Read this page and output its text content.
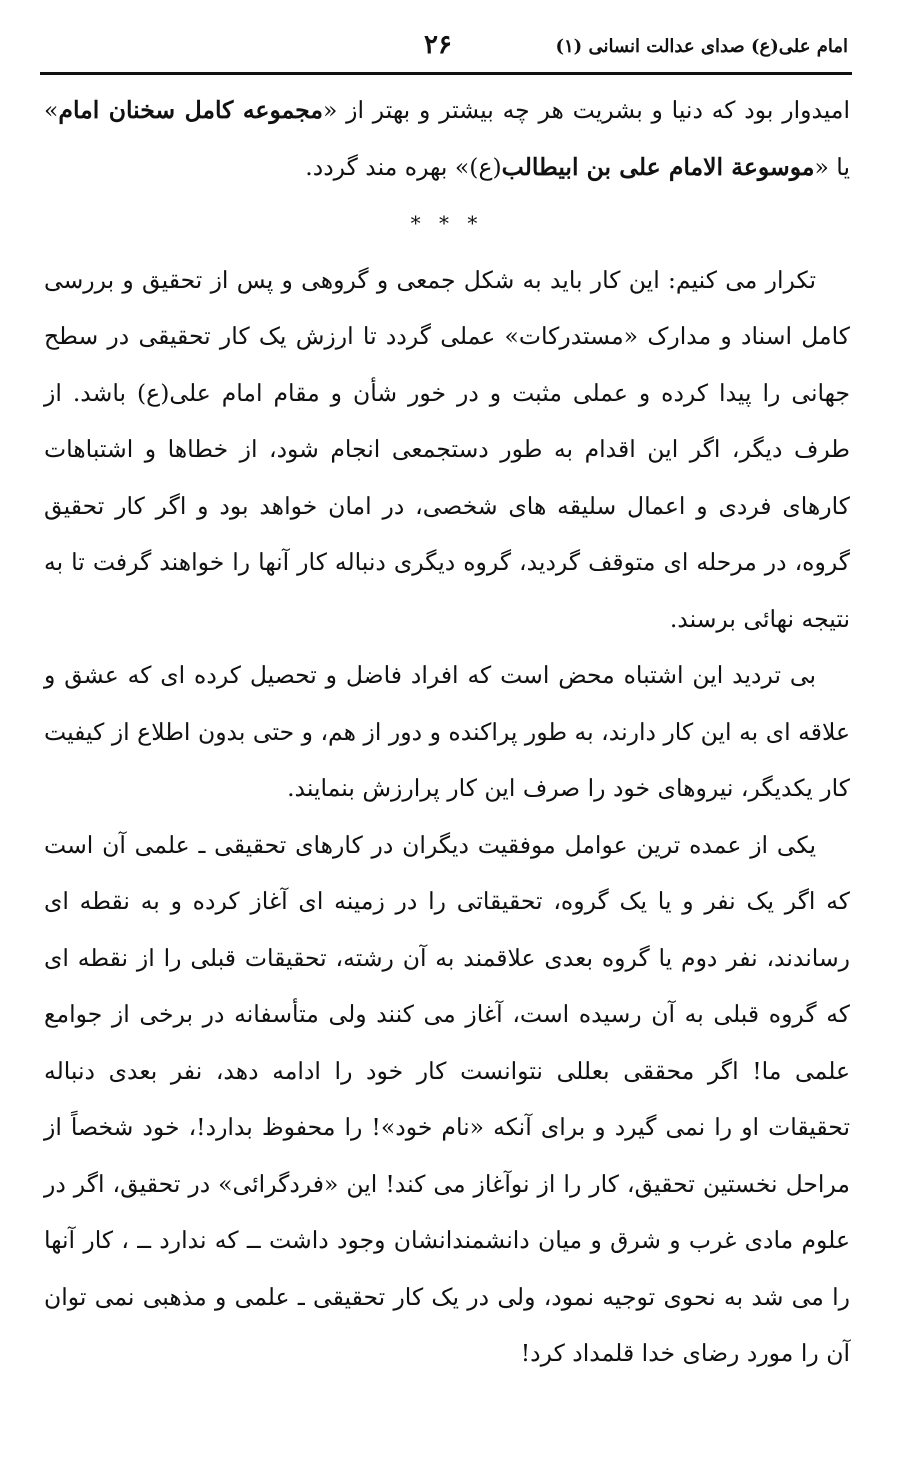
امام علی(ع) صدای عدالت انسانی (۱)
۲۶

امیدوار بود که دنیا و بشریت هر چه بیشتر و بهتر از «مجموعه کامل سخنان امام» یا «موسوعة الامام علی بن ابیطالب(ع)» بهره مند گردد.

* * *

تکرار می کنیم: این کار باید به شکل جمعی و گروهی و پس از تحقیق و بررسی کامل اسناد و مدارک «مستدرکات» عملی گردد تا ارزش یک کار تحقیقی در سطح جهانی را پیدا کرده و عملی مثبت و در خور شأن و مقام امام علی(ع) باشد. از طرف دیگر، اگر این اقدام به طور دستجمعی انجام شود، از خطاها و اشتباهات کارهای فردی و اعمال سلیقه های شخصی، در امان خواهد بود و اگر کار تحقیق گروه، در مرحله ای متوقف گردید، گروه دیگری دنباله کار آنها را خواهند گرفت تا به نتیجه نهائی برسند.

بی تردید این اشتباه محض است که افراد فاضل و تحصیل کرده ای که عشق و علاقه ای به این کار دارند، به طور پراکنده و دور از هم، و حتی بدون اطلاع از کیفیت کار یکدیگر، نیروهای خود را صرف این کار پرارزش بنمایند.

یکی از عمده ترین عوامل موفقیت دیگران در کارهای تحقیقی ـ علمی آن است که اگر یک نفر و یا یک گروه، تحقیقاتی را در زمینه ای آغاز کرده و به نقطه ای رساندند، نفر دوم یا گروه بعدی علاقمند به آن رشته، تحقیقات قبلی را از نقطه ای که گروه قبلی به آن رسیده است، آغاز می کنند ولی متأسفانه در برخی از جوامع علمی ما! اگر محققی بعللی نتوانست کار خود را ادامه دهد، نفر بعدی دنباله تحقیقات او را نمی گیرد و برای آنکه «نام خود»! را محفوظ بدارد!، خود شخصاً از مراحل نخستین تحقیق، کار را از نوآغاز می کند! این «فردگرائی» در تحقیق، اگر در علوم مادی غرب و شرق و میان دانشمندانشان وجود داشت ــ که ندارد ــ ، کار آنها را می شد به نحوی توجیه نمود، ولی در یک کار تحقیقی ـ علمی و مذهبی نمی توان آن را مورد رضای خدا قلمداد کرد!
